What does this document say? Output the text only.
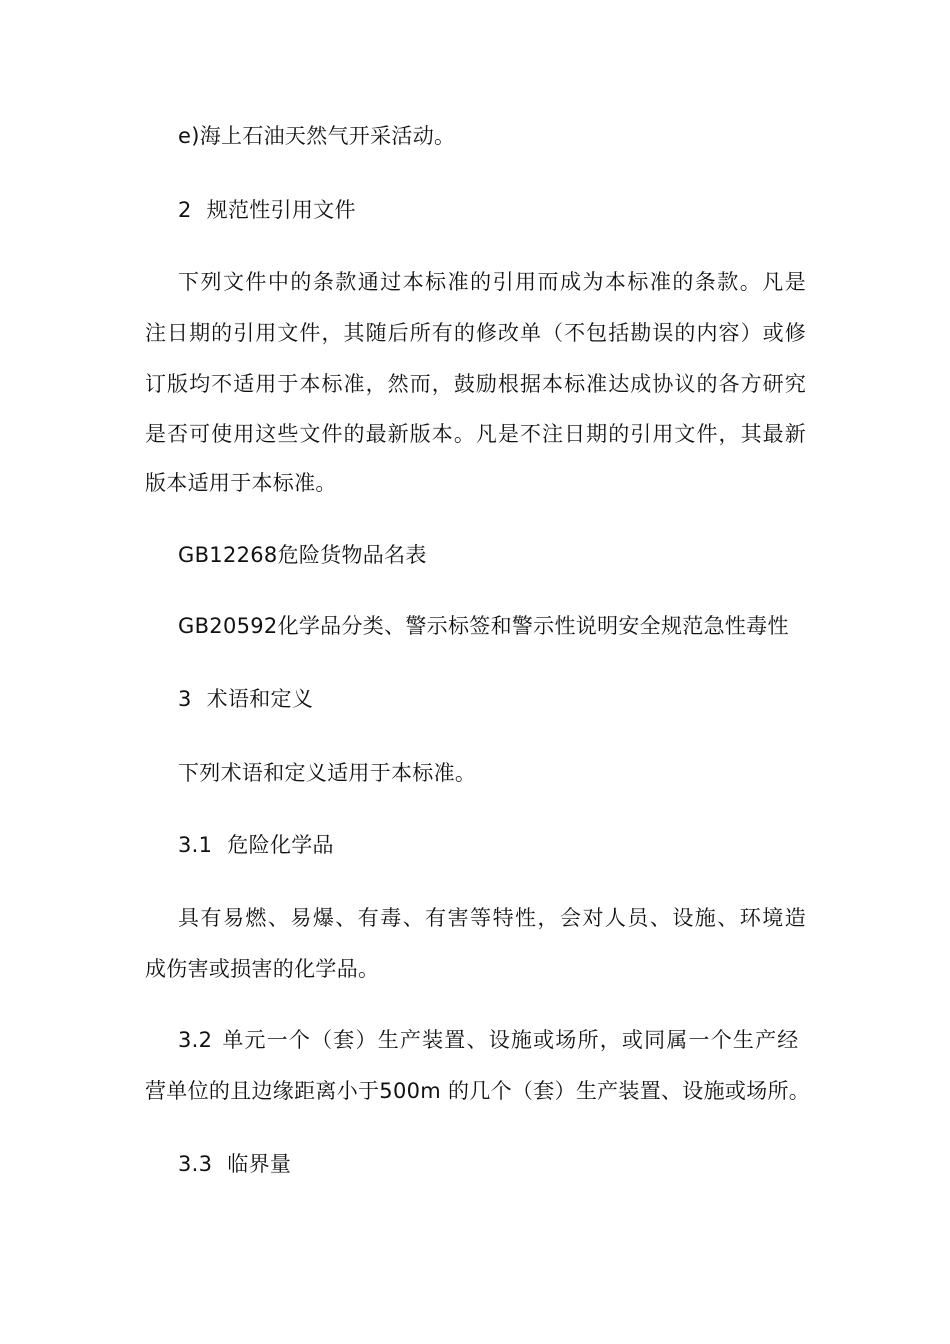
e)海上石油天然气开采活动。
2 规范性引用文件
下列文件中的条款通过本标准的引用而成为本标准的条款。凡是
注日期的引用文件，其随后所有的修改单（不包括勘误的内容）或修
订版均不适用于本标准，然而，鼓励根据本标准达成协议的各方研究
是否可使用这些文件的最新版本。凡是不注日期的引用文件，其最新
版本适用于本标准。
GB12268危险货物品名表
GB20592化学品分类、警示标签和警示性说明安全规范急性毒性
3 术语和定义
下列术语和定义适用于本标准。
3.1 危险化学品
具有易燃、易爆、有毒、有害等特性，会对人员、设施、环境造
成伤害或损害的化学品。
3.2 单元一个（套）生产装置、设施或场所，或同属一个生产经
营单位的且边缘距离小于500m 的几个（套）生产装置、设施或场所。
3.3 临界量
